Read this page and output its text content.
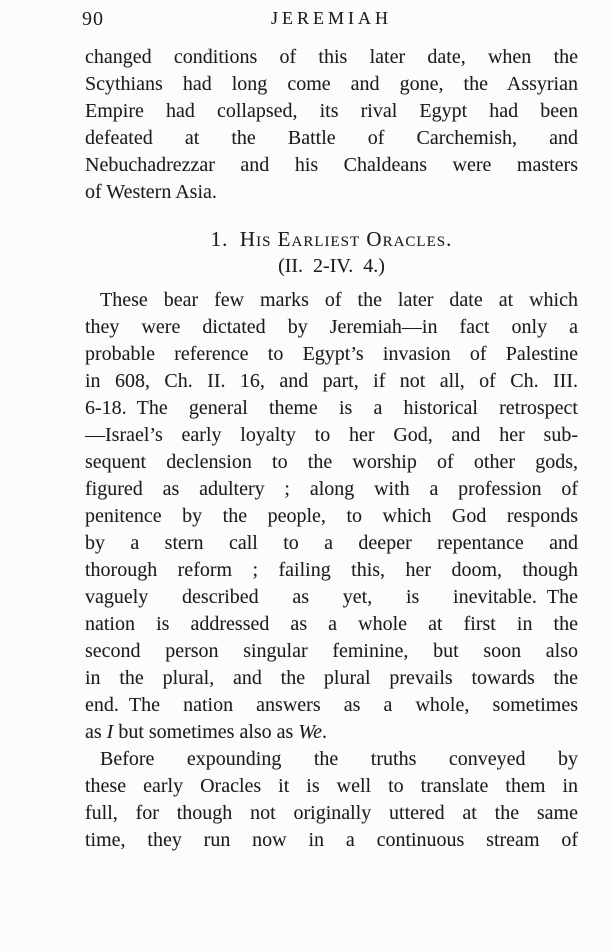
90	JEREMIAH
changed conditions of this later date, when the
Scythians had long come and gone, the Assyrian
Empire had collapsed, its rival Egypt had been
defeated at the Battle of Carchemish, and
Nebuchadrezzar and his Chaldeans were masters
of Western Asia.
1. His Earliest Oracles.
(II. 2-IV. 4.)
These bear few marks of the later date at which
they were dictated by Jeremiah—in fact only a
probable reference to Egypt’s invasion of Palestine
in 608, Ch. II. 16, and part, if not all, of Ch. III.
6-18. The general theme is a historical retrospect
—Israel’s early loyalty to her God, and her sub-
sequent declension to the worship of other gods,
figured as adultery ; along with a profession of
penitence by the people, to which God responds
by a stern call to a deeper repentance and
thorough reform ; failing this, her doom, though
vaguely described as yet, is inevitable. The
nation is addressed as a whole at first in the
second person singular feminine, but soon also
in the plural, and the plural prevails towards the
end. The nation answers as a whole, sometimes
as I but sometimes also as We.
Before expounding the truths conveyed by
these early Oracles it is well to translate them in
full, for though not originally uttered at the same
time, they run now in a continuous stream of
